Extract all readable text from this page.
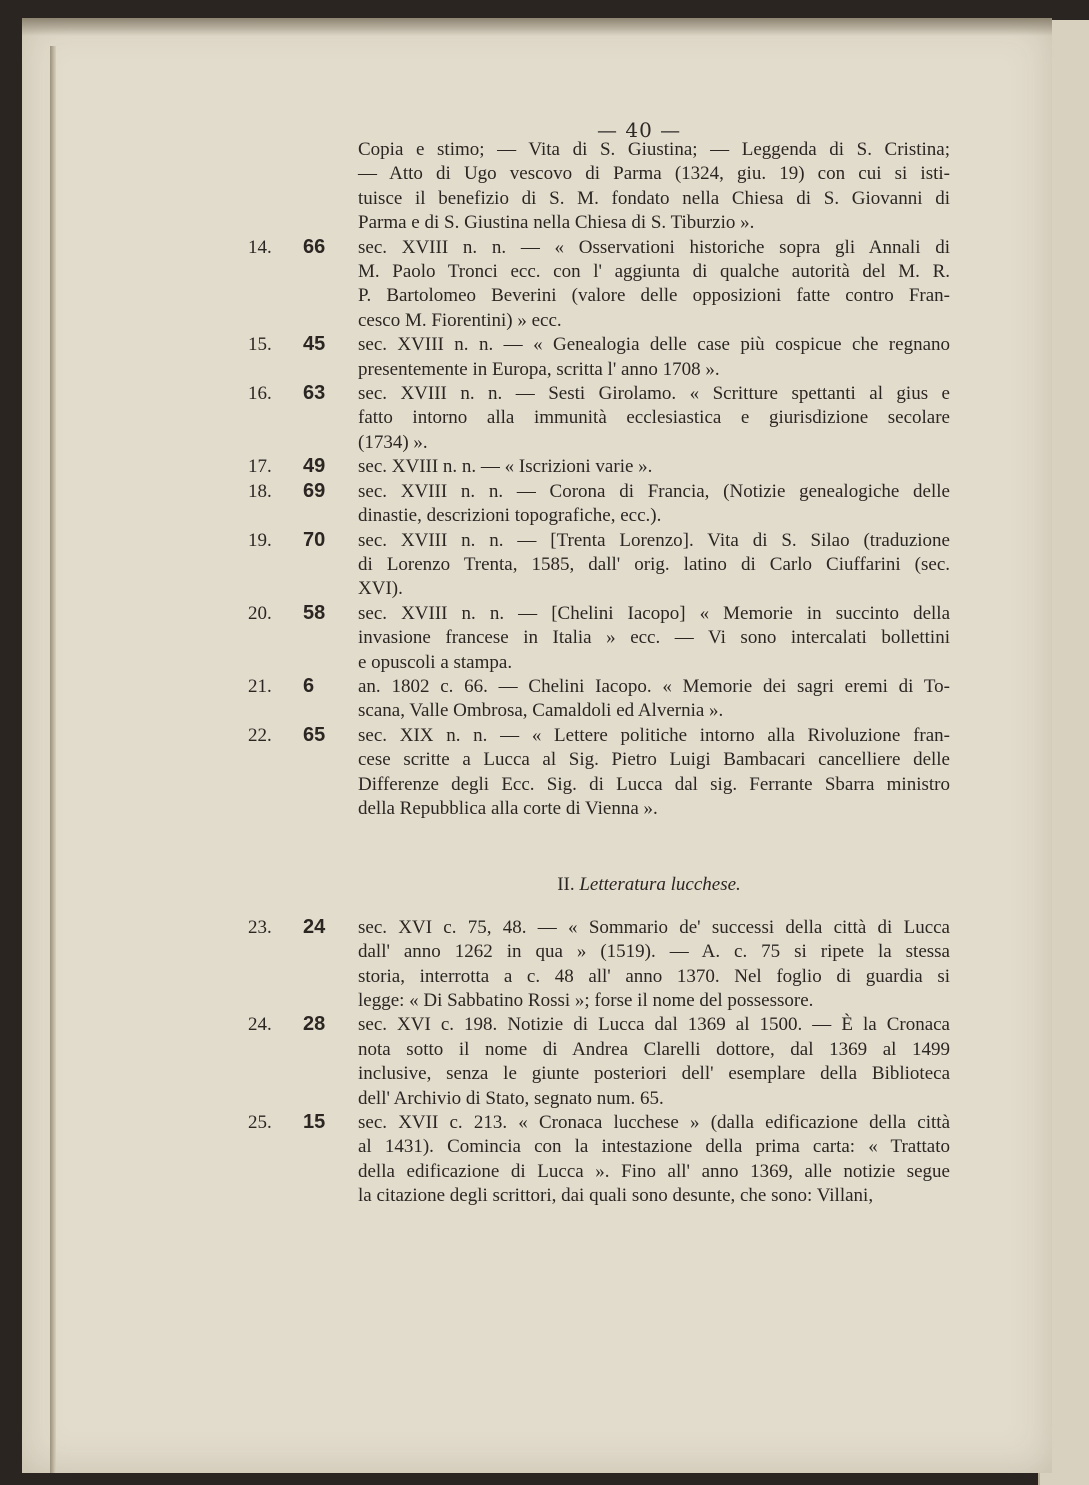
— 40 —
Copia e stimo; — Vita di S. Giustina; — Leggenda di S. Cristina;
— Atto di Ugo vescovo di Parma (1324, giu. 19) con cui si isti-
tuisce il benefizio di S. M. fondato nella Chiesa di S. Giovanni di
Parma e di S. Giustina nella Chiesa di S. Tiburzio ».
14.	66 sec. XVIII n. n. — « Osservationi historiche sopra gli Annali di
M. Paolo Tronci ecc. con l' aggiunta di qualche autorità del M. R.
P. Bartolomeo Beverini (valore delle opposizioni fatte contro Fran-
cesco M. Fiorentini) » ecc.
15.	45 sec. XVIII n. n. — « Genealogia delle case più cospicue che regnano
presentemente in Europa, scritta l' anno 1708 ».
16.	63 sec. XVIII n. n. — Sesti Girolamo. « Scritture spettanti al gius e
fatto intorno alla immunità ecclesiastica e giurisdizione secolare
(1734) ».
17.	49 sec. XVIII n. n. — « Iscrizioni varie ».
18.	69 sec. XVIII n. n. — Corona di Francia, (Notizie genealogiche delle
dinastie, descrizioni topografiche, ecc.).
19.	70 sec. XVIII n. n. — [Trenta Lorenzo]. Vita di S. Silao (traduzione
di Lorenzo Trenta, 1585, dall' orig. latino di Carlo Ciuffarini (sec.
XVI).
20.	58 sec. XVIII n. n. — [Chelini Iacopo] « Memorie in succinto della
invasione francese in Italia » ecc. — Vi sono intercalati bollettini
e opuscoli a stampa.
21.	6 an. 1802 c. 66. — Chelini Iacopo. « Memorie dei sagri eremi di To-
scana, Valle Ombrosa, Camaldoli ed Alvernia ».
22.	65 sec. XIX n. n. — « Lettere politiche intorno alla Rivoluzione fran-
cese scritte a Lucca al Sig. Pietro Luigi Bambacari cancelliere delle
Differenze degli Ecc. Sig. di Lucca dal sig. Ferrante Sbarra ministro
della Repubblica alla corte di Vienna ».
II. Letteratura lucchese.
23.	24 sec. XVI c. 75, 48. — « Sommario de' successi della città di Lucca
dall' anno 1262 in qua » (1519). — A. c. 75 si ripete la stessa
storia, interrotta a c. 48 all' anno 1370. Nel foglio di guardia si
legge: « Di Sabbatino Rossi »; forse il nome del possessore.
24.	28 sec. XVI c. 198. Notizie di Lucca dal 1369 al 1500. — È la Cronaca
nota sotto il nome di Andrea Clarelli dottore, dal 1369 al 1499
inclusive, senza le giunte posteriori dell' esemplare della Biblioteca
dell' Archivio di Stato, segnato num. 65.
25.	15 sec. XVII c. 213. « Cronaca lucchese » (dalla edificazione della città
al 1431). Comincia con la intestazione della prima carta: « Trattato
della edificazione di Lucca ». Fino all' anno 1369, alle notizie segue
la citazione degli scrittori, dai quali sono desunte, che sono: Villani,
